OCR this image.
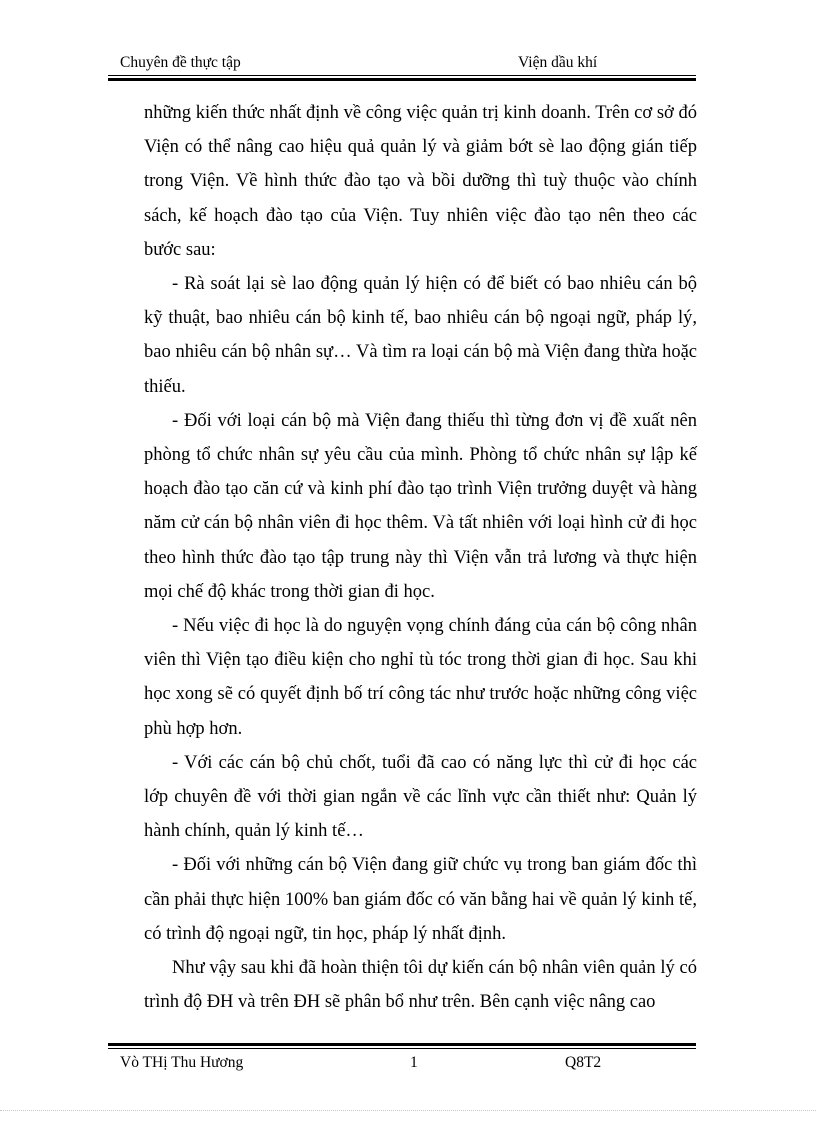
Chuyên đề thực tập	Viện dầu khí

những kiến thức nhất định về công việc quản trị kinh doanh. Trên cơ sở đó Viện có thể nâng cao hiệu quả quản lý và giảm bớt sè lao động gián tiếp trong Viện. Về hình thức đào tạo và bồi dưỡng thì tuỳ thuộc vào chính sách, kế hoạch đào tạo của Viện. Tuy nhiên việc đào tạo nên theo các bước sau:

- Rà soát lại sè lao động quản lý hiện có để biết có bao nhiêu cán bộ kỹ thuật, bao nhiêu cán bộ kinh tế, bao nhiêu cán bộ ngoại ngữ, pháp lý, bao nhiêu cán bộ nhân sự… Và tìm ra loại cán bộ mà Viện đang thừa hoặc thiếu.

- Đối với loại cán bộ mà Viện đang thiếu thì từng đơn vị đề xuất nên phòng tổ chức nhân sự yêu cầu của mình. Phòng tổ chức nhân sự lập kế hoạch đào tạo căn cứ và kinh phí đào tạo trình Viện trưởng duyệt và hàng năm cử cán bộ nhân viên đi học thêm. Và tất nhiên với loại hình cử đi học theo hình thức đào tạo tập trung này thì Viện vẫn trả lương và thực hiện mọi chế độ khác trong thời gian đi học.

- Nếu việc đi học là do nguyện vọng chính đáng của cán bộ công nhân viên thì Viện tạo điều kiện cho nghỉ tù tóc trong thời gian đi học. Sau khi học xong sẽ có quyết định bố trí công tác như trước hoặc những công việc phù hợp hơn.

- Với các cán bộ chủ chốt, tuổi đã cao có năng lực thì cử đi học các lớp chuyên đề với thời gian ngắn về các lĩnh vực cần thiết như: Quản lý hành chính, quản lý kinh tế…

- Đối với những cán bộ Viện đang giữ chức vụ trong ban giám đốc thì cần phải thực hiện 100% ban giám đốc có văn bằng hai về quản lý kinh tế, có trình độ ngoại ngữ, tin học, pháp lý nhất định.

Như vậy sau khi đã hoàn thiện tôi dự kiến cán bộ nhân viên quản lý có trình độ ĐH và trên ĐH sẽ phân bổ như trên. Bên cạnh việc nâng cao

Vò THị Thu Hương	1	Q8T2
